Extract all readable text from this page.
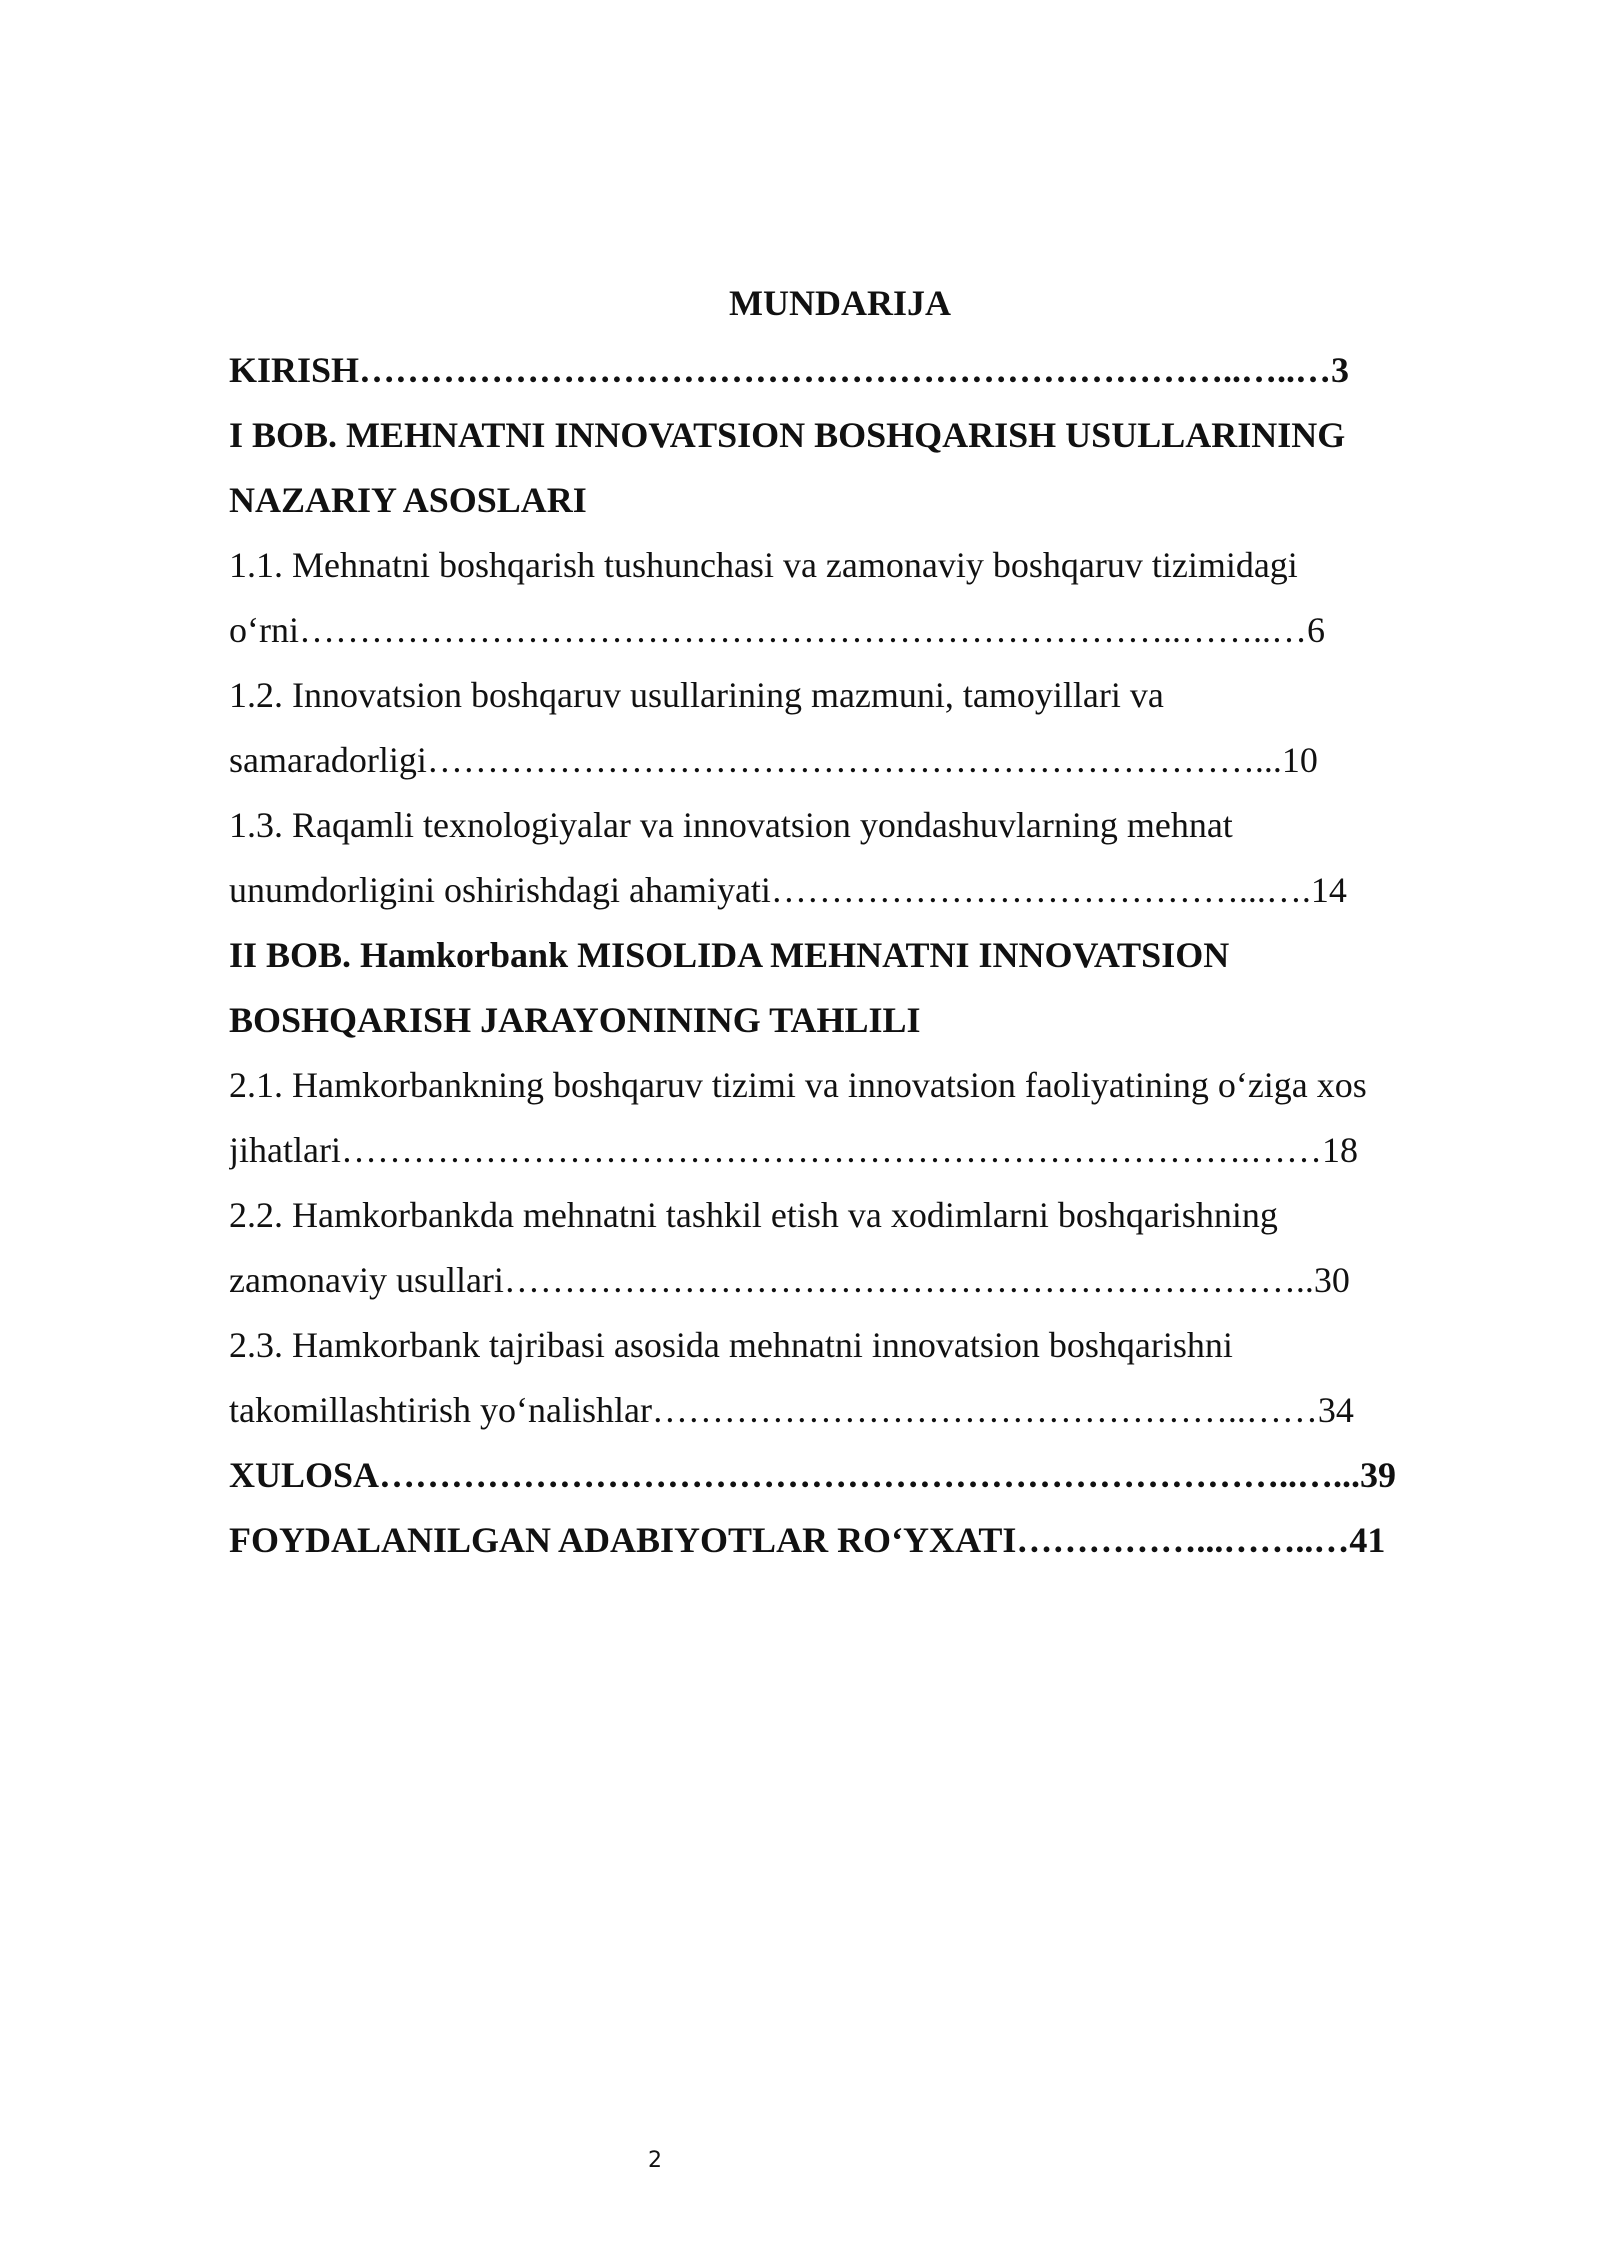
MUNDARIJA
KIRISH………………………………………………………………..…..…3
I BOB. MEHNATNI INNOVATSION BOSHQARISH USULLARINING
NAZARIY ASOSLARI
1.1. Mehnatni boshqarish tushunchasi va zamonaviy boshqaruv tizimidagi
o‘rni………………………………………………………………..……..…6
1.2. Innovatsion boshqaruv usullarining mazmuni, tamoyillari va
samaradorligi……………………………………………………………...10
1.3. Raqamli texnologiyalar va innovatsion yondashuvlarning mehnat
unumdorligini oshirishdagi ahamiyati…………………………………...….14
II BOB. Hamkorbank MISOLIDA MEHNATNI INNOVATSION
BOSHQARISH JARAYONINING TAHLILI
2.1. Hamkorbankning boshqaruv tizimi va innovatsion faoliyatining o‘ziga xos
jihatlari………………………………………………………………….……18
2.2. Hamkorbankda mehnatni tashkil etish va xodimlarni boshqarishning
zamonaviy usullari…………………………………………………………..30
2.3. Hamkorbank tajribasi asosida mehnatni innovatsion boshqarishni
takomillashtirish yo‘nalishlar…………………………………………..……34
XULOSA…………………………………………………………………..…...39
FOYDALANILGAN ADABIYOTLAR RO‘YXATI……………...……..…41
2
